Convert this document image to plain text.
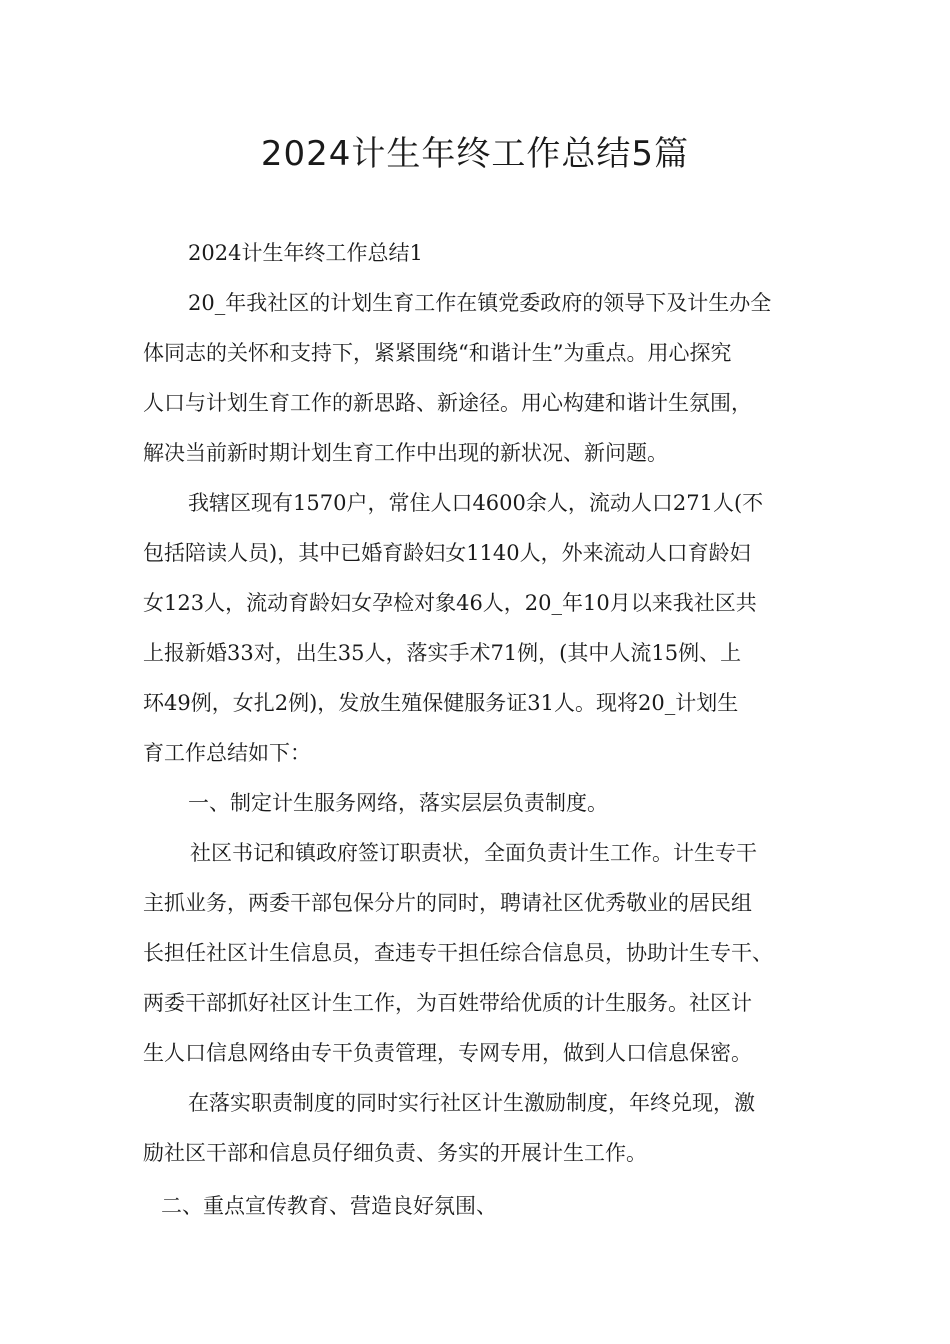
2024计生年终工作总结5篇
2024计生年终工作总结1
20_年我社区的计划生育工作在镇党委政府的领导下及计生办全
体同志的关怀和支持下，紧紧围绕“和谐计生”为重点。用心探究
人口与计划生育工作的新思路、新途径。用心构建和谐计生氛围，
解决当前新时期计划生育工作中出现的新状况、新问题。
我辖区现有1570户，常住人口4600余人，流动人口271人(不
包括陪读人员)，其中已婚育龄妇女1140人，外来流动人口育龄妇
女123人，流动育龄妇女孕检对象46人，20_年10月以来我社区共
上报新婚33对，出生35人，落实手术71例，(其中人流15例、上
环49例，女扎2例)，发放生殖保健服务证31人。现将20_计划生
育工作总结如下：
一、制定计生服务网络，落实层层负责制度。
社区书记和镇政府签订职责状，全面负责计生工作。计生专干
主抓业务，两委干部包保分片的同时，聘请社区优秀敬业的居民组
长担任社区计生信息员，查违专干担任综合信息员，协助计生专干、
两委干部抓好社区计生工作，为百姓带给优质的计生服务。社区计
生人口信息网络由专干负责管理，专网专用，做到人口信息保密。
在落实职责制度的同时实行社区计生激励制度，年终兑现，激
励社区干部和信息员仔细负责、务实的开展计生工作。
二、重点宣传教育、营造良好氛围、
